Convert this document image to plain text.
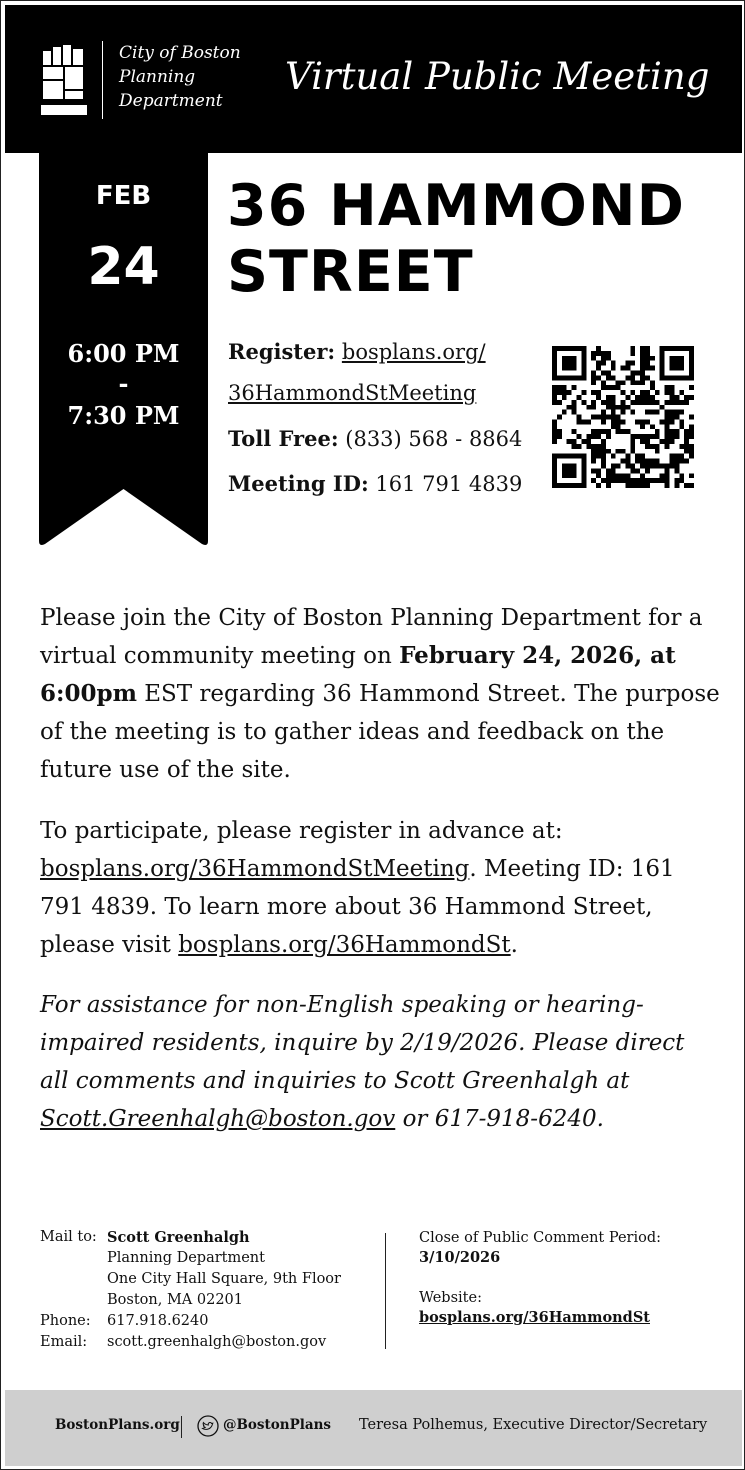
City of Boston
Planning
Department
Virtual Public Meeting
FEB
24
6:00 PM
-
7:30 PM
36 HAMMOND
STREET
Register: bosplans.org/
36HammondStMeeting
Toll Free: (833) 568 - 8864
Meeting ID: 161 791 4839
Please join the City of Boston Planning Department for a virtual community meeting on February 24, 2026, at 6:00pm EST regarding 36 Hammond Street. The purpose of the meeting is to gather ideas and feedback on the future use of the site.
To participate, please register in advance at: bosplans.org/36HammondStMeeting. Meeting ID: 161 791 4839. To learn more about 36 Hammond Street, please visit bosplans.org/36HammondSt.
For assistance for non-English speaking or hearing-impaired residents, inquire by 2/19/2026. Please direct all comments and inquiries to Scott Greenhalgh at Scott.Greenhalgh@boston.gov or 617-918-6240.
Mail to: Scott Greenhalgh
Planning Department
One City Hall Square, 9th Floor
Boston, MA 02201
Phone: 617.918.6240
Email: scott.greenhalgh@boston.gov
Close of Public Comment Period:
3/10/2026
Website:
bosplans.org/36HammondSt
BostonPlans.org	@BostonPlans Teresa Polhemus, Executive Director/Secretary
